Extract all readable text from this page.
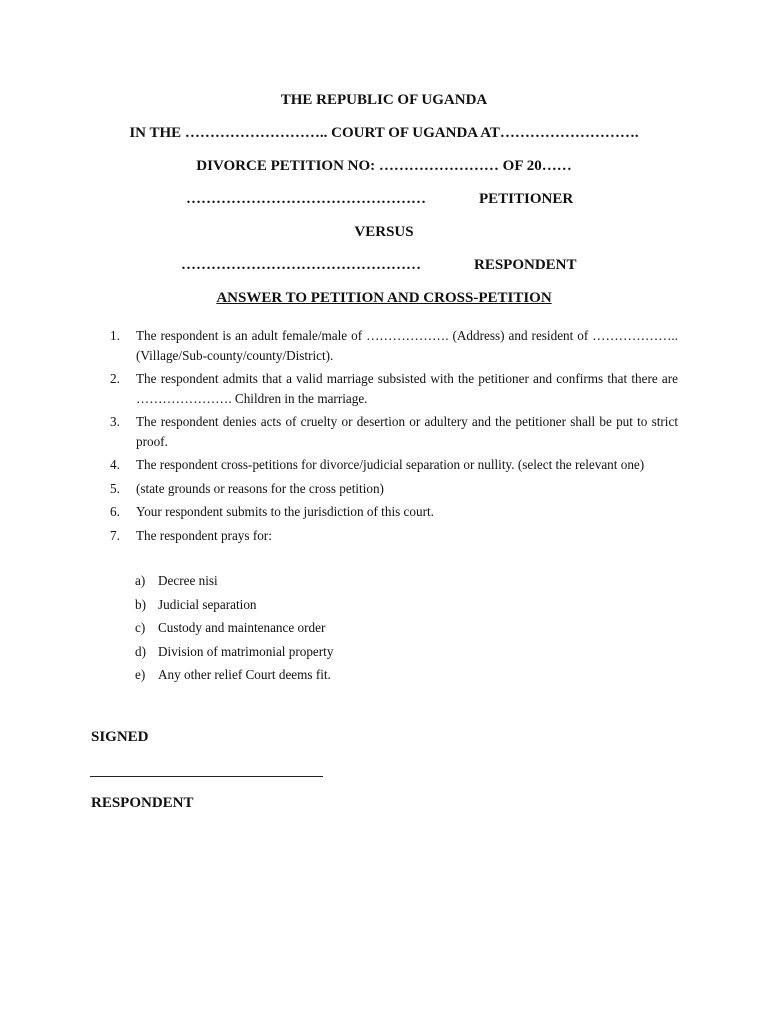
THE REPUBLIC OF UGANDA
IN THE ……………………….. COURT OF UGANDA AT……………………….
DIVORCE PETITION NO: …………………… OF 20……
…………………………………………	PETITIONER
VERSUS
…………………………………………	RESPONDENT
ANSWER TO PETITION AND CROSS-PETITION
1. The respondent is an adult female/male of ………………. (Address) and resident of ……………….. (Village/Sub-county/county/District).
2. The respondent admits that a valid marriage subsisted with the petitioner and confirms that there are …………………. Children in the marriage.
3. The respondent denies acts of cruelty or desertion or adultery and the petitioner shall be put to strict proof.
4. The respondent cross-petitions for divorce/judicial separation or nullity. (select the relevant one)
5. (state grounds or reasons for the cross petition)
6. Your respondent submits to the jurisdiction of this court.
7. The respondent prays for:
a) Decree nisi
b) Judicial separation
c) Custody and maintenance order
d) Division of matrimonial property
e) Any other relief Court deems fit.
SIGNED
RESPONDENT
